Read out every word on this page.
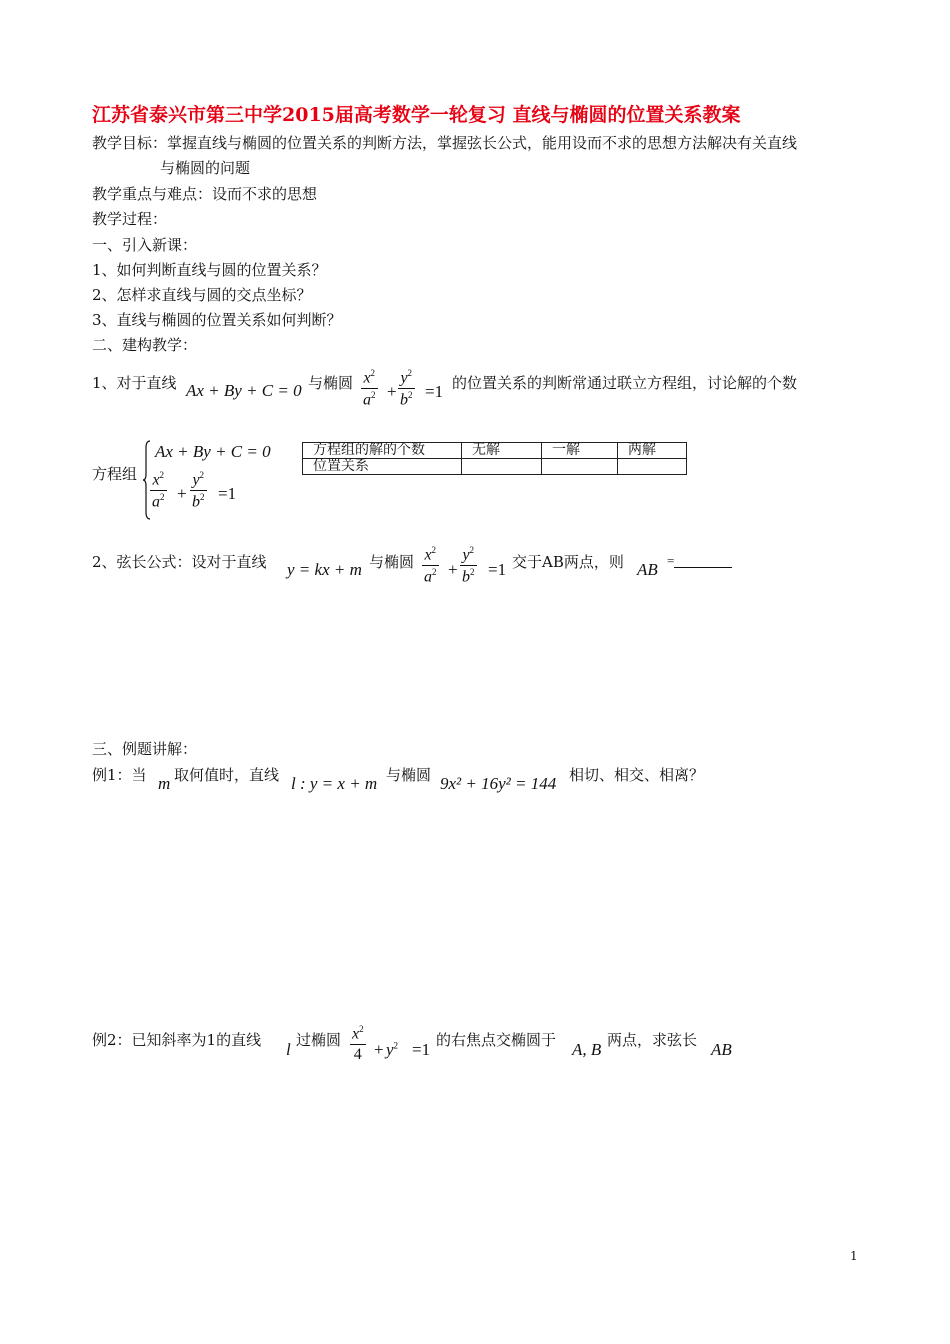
江苏省泰兴市第三中学2015届高考数学一轮复习 直线与椭圆的位置关系教案
教学目标：掌握直线与椭圆的位置关系的判断方法，掌握弦长公式，能用设而不求的思想方法解决有关直线
与椭圆的问题
教学重点与难点：设而不求的思想
教学过程：
一、引入新课：
1、如何判断直线与圆的位置关系？
2、怎样求直线与圆的交点坐标？
3、直线与椭圆的位置关系如何判断？
二、建构教学：
1、对于直线 Ax + By + C = 0 与椭圆 $x^2$
$a^2$ +
$y^2$
$b^2 =1$ 的位置关系的判断常通过联立方程组，讨论解的个数
方程组
Ax + By + C = 0
$x^2$
$a^2$ +
$y^2$
$b^2 =1$
方程组的解的个数	无解	一解	两解
位置关系			
2、弦长公式：设对于直线 y = kx + m 与椭圆 $x^2$
$a^2$ +
$y^2$
$b^2 =1$ 交于AB两点，则 AB =
三、例题讲解：
例1：当 m 取何值时，直线 l : y = x + m 与椭圆 9x² + 16y² = 144 相切、相交、相离？
例2：已知斜率为1的直线 l 过椭圆 $x^2$
$4 + y^2 =1$ 的右焦点交椭圆于 A, B 两点，求弦长 AB
1
